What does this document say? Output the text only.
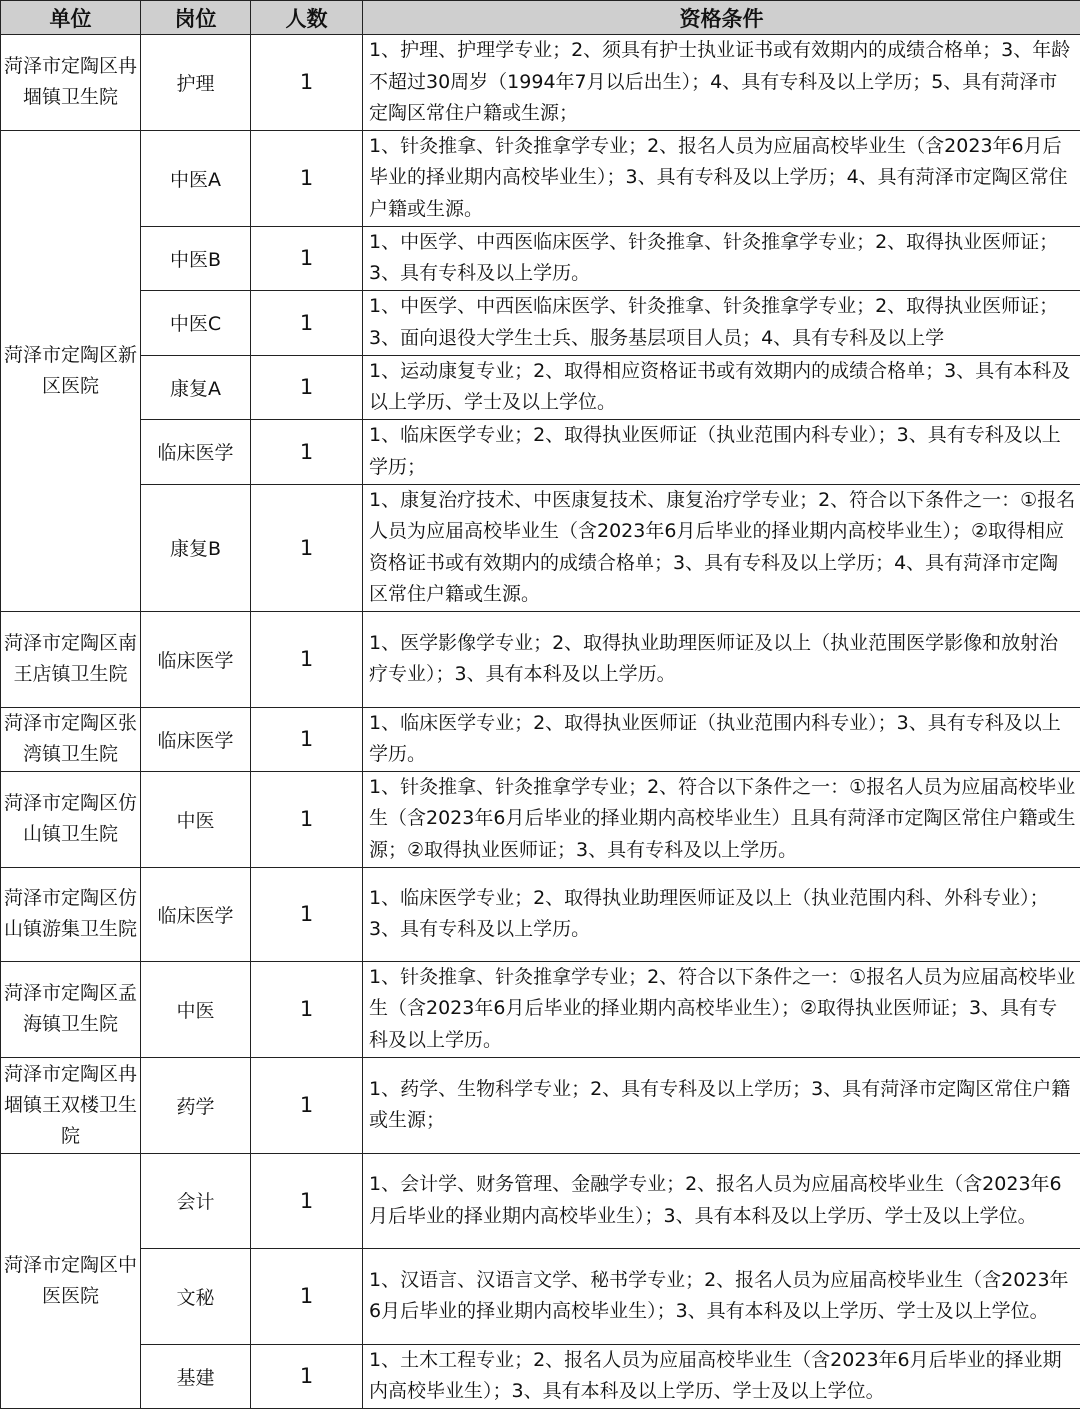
单位	岗位	人数	资格条件
菏泽市定陶区冉堌镇卫生院	护理	1	1、护理、护理学专业；2、须具有护士执业证书或有效期内的成绩合格单；3、年龄不超过30周岁（1994年7月以后出生）；4、具有专科及以上学历；5、具有菏泽市定陶区常住户籍或生源；
菏泽市定陶区新区医院	中医A	1	1、针灸推拿、针灸推拿学专业；2、报名人员为应届高校毕业生（含2023年6月后毕业的择业期内高校毕业生）；3、具有专科及以上学历；4、具有菏泽市定陶区常住户籍或生源。
	中医B	1	1、中医学、中西医临床医学、针灸推拿、针灸推拿学专业；2、取得执业医师证；3、具有专科及以上学历。
	中医C	1	1、中医学、中西医临床医学、针灸推拿、针灸推拿学专业；2、取得执业医师证；3、面向退役大学生士兵、服务基层项目人员；4、具有专科及以上学
	康复A	1	1、运动康复专业；2、取得相应资格证书或有效期内的成绩合格单；3、具有本科及以上学历、学士及以上学位。
	临床医学	1	1、临床医学专业；2、取得执业医师证（执业范围内科专业）；3、具有专科及以上学历；
	康复B	1	1、康复治疗技术、中医康复技术、康复治疗学专业；2、符合以下条件之一：①报名人员为应届高校毕业生（含2023年6月后毕业的择业期内高校毕业生）；②取得相应资格证书或有效期内的成绩合格单；3、具有专科及以上学历；4、具有菏泽市定陶区常住户籍或生源。
菏泽市定陶区南王店镇卫生院	临床医学	1	1、医学影像学专业；2、取得执业助理医师证及以上（执业范围医学影像和放射治疗专业）；3、具有本科及以上学历。
菏泽市定陶区张湾镇卫生院	临床医学	1	1、临床医学专业；2、取得执业医师证（执业范围内科专业）；3、具有专科及以上学历。
菏泽市定陶区仿山镇卫生院	中医	1	1、针灸推拿、针灸推拿学专业；2、符合以下条件之一：①报名人员为应届高校毕业生（含2023年6月后毕业的择业期内高校毕业生）且具有菏泽市定陶区常住户籍或生源；②取得执业医师证；3、具有专科及以上学历。
菏泽市定陶区仿山镇游集卫生院	临床医学	1	1、临床医学专业；2、取得执业助理医师证及以上（执业范围内科、外科专业）；3、具有专科及以上学历。
菏泽市定陶区孟海镇卫生院	中医	1	1、针灸推拿、针灸推拿学专业；2、符合以下条件之一：①报名人员为应届高校毕业生（含2023年6月后毕业的择业期内高校毕业生）；②取得执业医师证；3、具有专科及以上学历。
菏泽市定陶区冉堌镇王双楼卫生院	药学	1	1、药学、生物科学专业；2、具有专科及以上学历；3、具有菏泽市定陶区常住户籍或生源；
菏泽市定陶区中医医院	会计	1	1、会计学、财务管理、金融学专业；2、报名人员为应届高校毕业生（含2023年6月后毕业的择业期内高校毕业生）；3、具有本科及以上学历、学士及以上学位。
	文秘	1	1、汉语言、汉语言文学、秘书学专业；2、报名人员为应届高校毕业生（含2023年6月后毕业的择业期内高校毕业生）；3、具有本科及以上学历、学士及以上学位。
	基建	1	1、土木工程专业；2、报名人员为应届高校毕业生（含2023年6月后毕业的择业期内高校毕业生）；3、具有本科及以上学历、学士及以上学位。
